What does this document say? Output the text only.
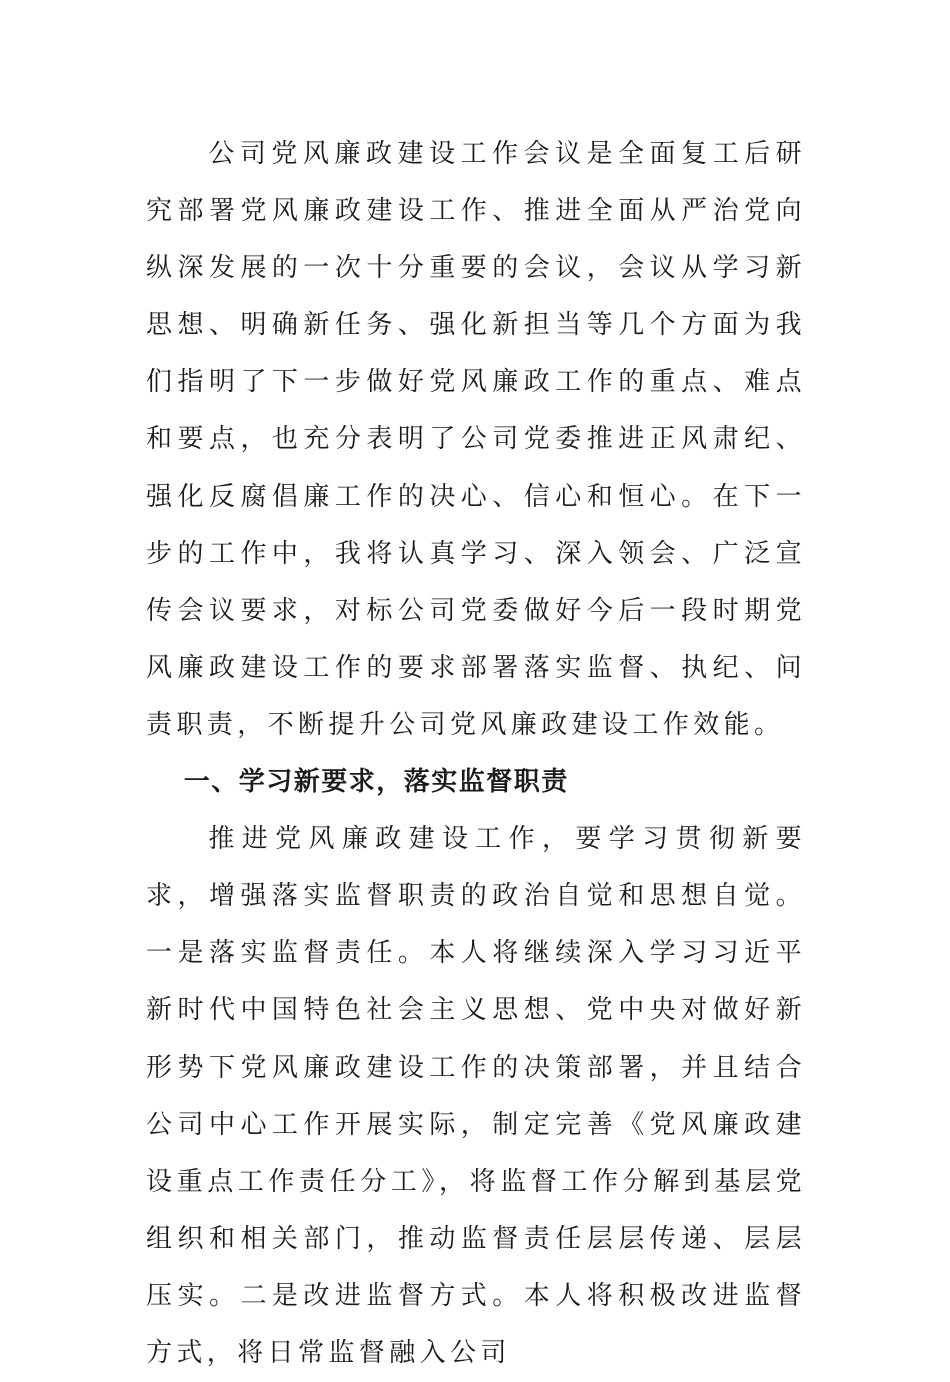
公司党风廉政建设工作会议是全面复工后研究部署党风廉政建设工作、推进全面从严治党向纵深发展的一次十分重要的会议，会议从学习新思想、明确新任务、强化新担当等几个方面为我们指明了下一步做好党风廉政工作的重点、难点和要点，也充分表明了公司党委推进正风肃纪、强化反腐倡廉工作的决心、信心和恒心。在下一步的工作中，我将认真学习、深入领会、广泛宣传会议要求，对标公司党委做好今后一段时期党风廉政建设工作的要求部署落实监督、执纪、问责职责，不断提升公司党风廉政建设工作效能。

一、学习新要求，落实监督职责

推进党风廉政建设工作，要学习贯彻新要求，增强落实监督职责的政治自觉和思想自觉。一是落实监督责任。本人将继续深入学习习近平新时代中国特色社会主义思想、党中央对做好新形势下党风廉政建设工作的决策部署，并且结合公司中心工作开展实际，制定完善《党风廉政建设重点工作责任分工》，将监督工作分解到基层党组织和相关部门，推动监督责任层层传递、层层压实。二是改进监督方式。本人将积极改进监督方式，将日常监督融入公司
